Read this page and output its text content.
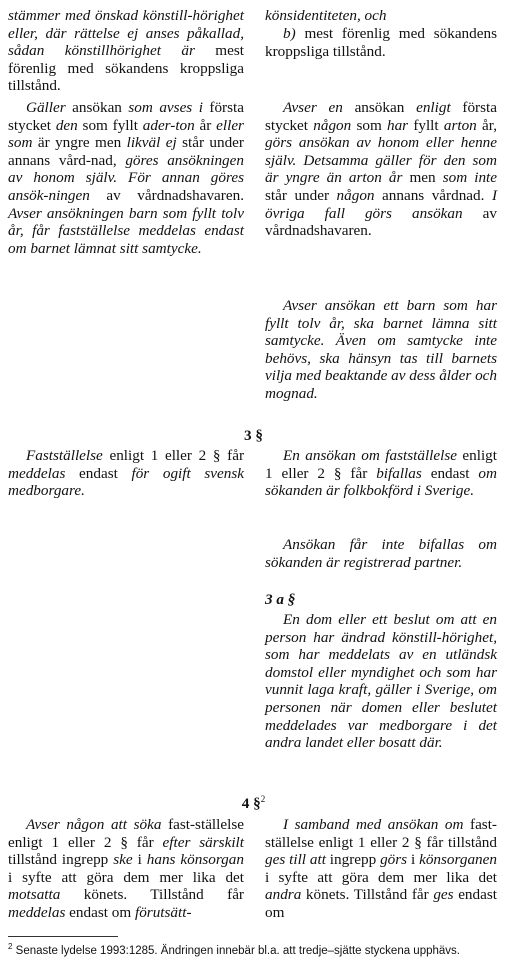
stämmer med önskad könstill-hörighet eller, där rättelse ej anses påkallad, sådan könstillhörighet är mest förenlig med sökandens kroppsliga tillstånd.

Gäller ansökan som avses i första stycket den som fyllt ader-ton år eller som är yngre men likväl ej står under annans vård-nad, göres ansökningen av honom själv. För annan göres ansök-ningen av vårdnadshavaren. Avser ansökningen barn som fyllt tolv år, får fastställelse meddelas endast om barnet lämnat sitt samtycke.
Fastställelse enligt 1 eller 2 § får meddelas endast för ogift svensk medborgare.
Avser någon att söka fast-ställelse enligt 1 eller 2 § får efter särskilt tillstånd ingrepp ske i hans könsorgan i syfte att göra dem mer lika det motsatta könets. Tillstånd får meddelas endast om förutsätt-
könsidentiteten, och
b) mest förenlig med sökandens kroppsliga tillstånd.
Avser en ansökan enligt första stycket någon som har fyllt arton år, görs ansökan av honom eller henne själv. Detsamma gäller för den som är yngre än arton år men som inte står under någon annans vårdnad. I övriga fall görs ansökan av vårdnadshavaren.
Avser ansökan ett barn som har fyllt tolv år, ska barnet lämna sitt samtycke. Även om samtycke inte behövs, ska hänsyn tas till barnets vilja med beaktande av dess ålder och mognad.
En ansökan om fastställelse enligt 1 eller 2 § får bifallas endast om sökanden är folkbokförd i Sverige.
Ansökan får inte bifallas om sökanden är registrerad partner.
En dom eller ett beslut om att en person har ändrad könstill-hörighet, som har meddelats av en utländsk domstol eller myndighet och som har vunnit laga kraft, gäller i Sverige, om personen när domen eller beslutet meddelades var medborgare i det andra landet eller bosatt där.
I samband med ansökan om fast-ställelse enligt 1 eller 2 § får tillstånd ges till att ingrepp görs i könsorganen i syfte att göra dem mer lika det andra könets. Tillstånd får ges endast om
3 §
3 a §
4 §$^2$
$^2$ Senaste lydelse 1993:1285. Ändringen innebär bl.a. att tredje–sjätte styckena upphävs.
